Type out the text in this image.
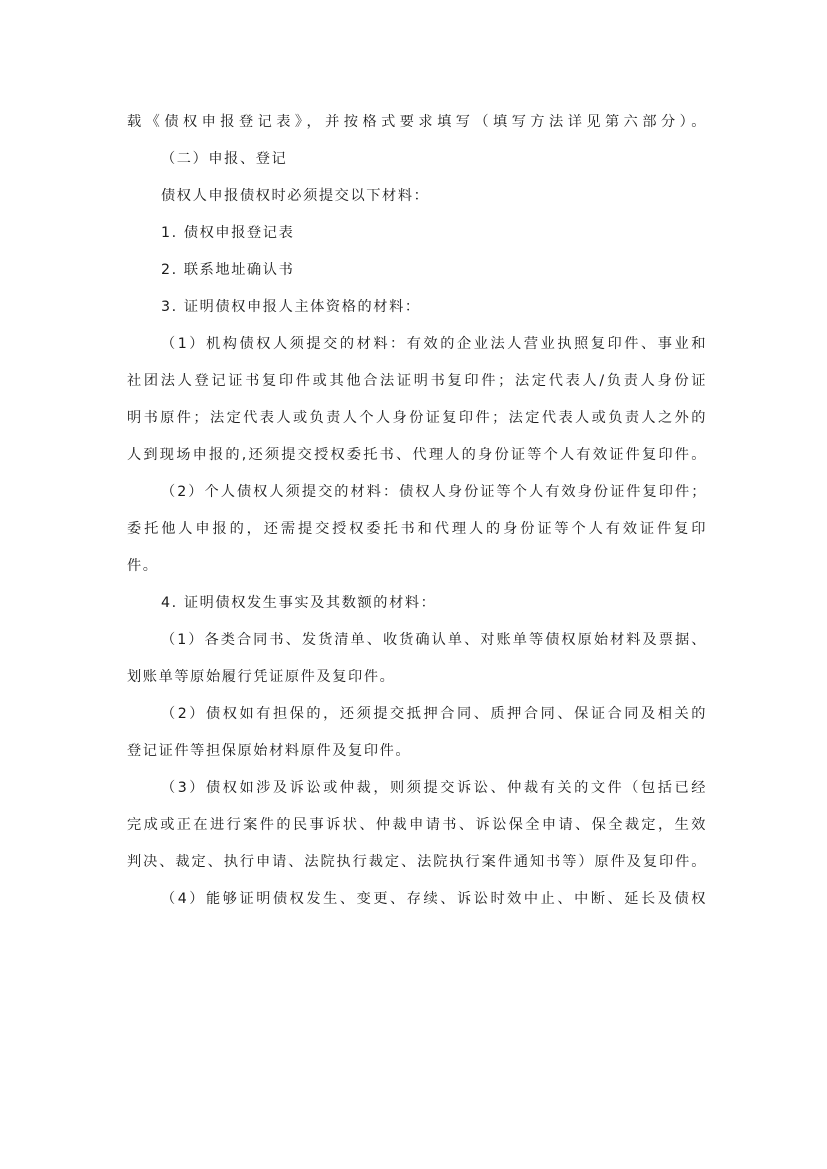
载《债权申报登记表》，并按格式要求填写（填写方法详见第六部分）。
（二）申报、登记
债权人申报债权时必须提交以下材料：
1. 债权申报登记表
2. 联系地址确认书
3. 证明债权申报人主体资格的材料：
（1）机构债权人须提交的材料：有效的企业法人营业执照复印件、事业和
社团法人登记证书复印件或其他合法证明书复印件；法定代表人/负责人身份证
明书原件；法定代表人或负责人个人身份证复印件；法定代表人或负责人之外的
人到现场申报的,还须提交授权委托书、代理人的身份证等个人有效证件复印件。
（2）个人债权人须提交的材料：债权人身份证等个人有效身份证件复印件；
委托他人申报的，还需提交授权委托书和代理人的身份证等个人有效证件复印
件。
4. 证明债权发生事实及其数额的材料：
（1）各类合同书、发货清单、收货确认单、对账单等债权原始材料及票据、
划账单等原始履行凭证原件及复印件。
（2）债权如有担保的，还须提交抵押合同、质押合同、保证合同及相关的
登记证件等担保原始材料原件及复印件。
（3）债权如涉及诉讼或仲裁，则须提交诉讼、仲裁有关的文件（包括已经
完成或正在进行案件的民事诉状、仲裁申请书、诉讼保全申请、保全裁定，生效
判决、裁定、执行申请、法院执行裁定、法院执行案件通知书等）原件及复印件。
（4）能够证明债权发生、变更、存续、诉讼时效中止、中断、延长及债权
